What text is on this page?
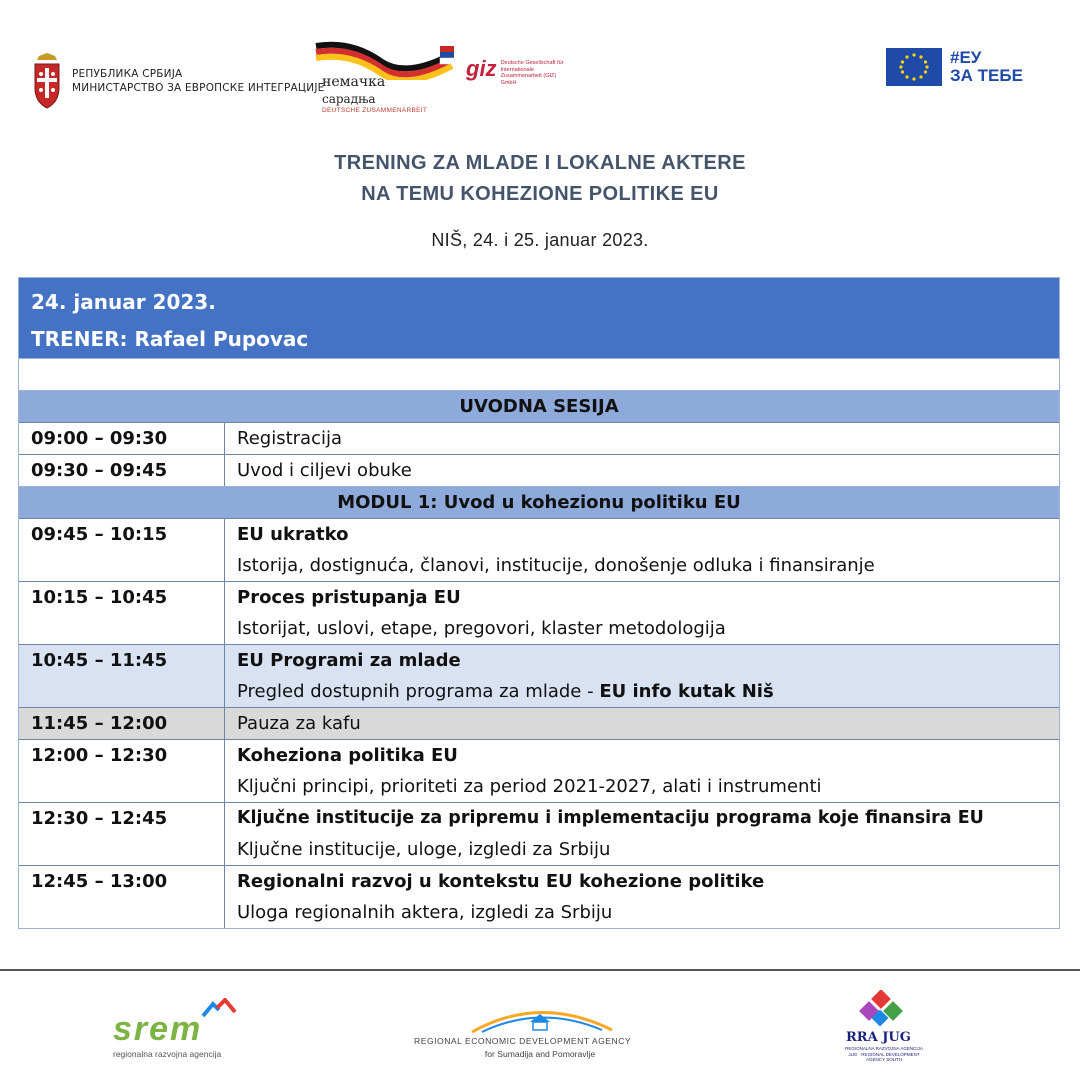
РЕПУБЛИКА СРБИЈА
МИНИСТАРСТВО ЗА ЕВРОПСКЕ ИНТЕГРАЦИЈЕ
немачка
сарадња
DEUTSCHE ZUSAMMENARBEIT
giz Deutsche Gesellschaft für Internationale Zusammenarbeit (GIZ) GmbH
#ЕУ
ЗА ТЕБЕ
TRENING ZA MLADE I LOKALNE AKTERE
NA TEMU KOHEZIONE POLITIKE EU
NIŠ, 24. i 25. januar 2023.
24. januar 2023.
TRENER: Rafael Pupovac
UVODNA SESIJA
09:00 – 09:30	Registracija
09:30 – 09:45	Uvod i ciljevi obuke
MODUL 1: Uvod u kohezionu politiku EU
09:45 – 10:15	EU ukratko
Istorija, dostignuća, članovi, institucije, donošenje odluka i finansiranje
10:15 – 10:45	Proces pristupanja EU
Istorijat, uslovi, etape, pregovori, klaster metodologija
10:45 – 11:45	EU Programi za mlade
Pregled dostupnih programa za mlade - EU info kutak Niš
11:45 – 12:00	Pauza za kafu
12:00 – 12:30	Koheziona politika EU
Ključni principi, prioriteti za period 2021-2027, alati i instrumenti
12:30 – 12:45	Ključne institucije za pripremu i implementaciju programa koje finansira EU
Ključne institucije, uloge, izgledi za Srbiju
12:45 – 13:00	Regionalni razvoj u kontekstu EU kohezione politike
Uloga regionalnih aktera, izgledi za Srbiju
srem
regionalna razvojna agencija
REGIONAL ECONOMIC DEVELOPMENT AGENCY
for Sumadija and Pomoravlje
RRA JUG
REGIONALNA RAZVOJNA AGENCIJA JUG · REGIONAL DEVELOPMENT AGENCY SOUTH
